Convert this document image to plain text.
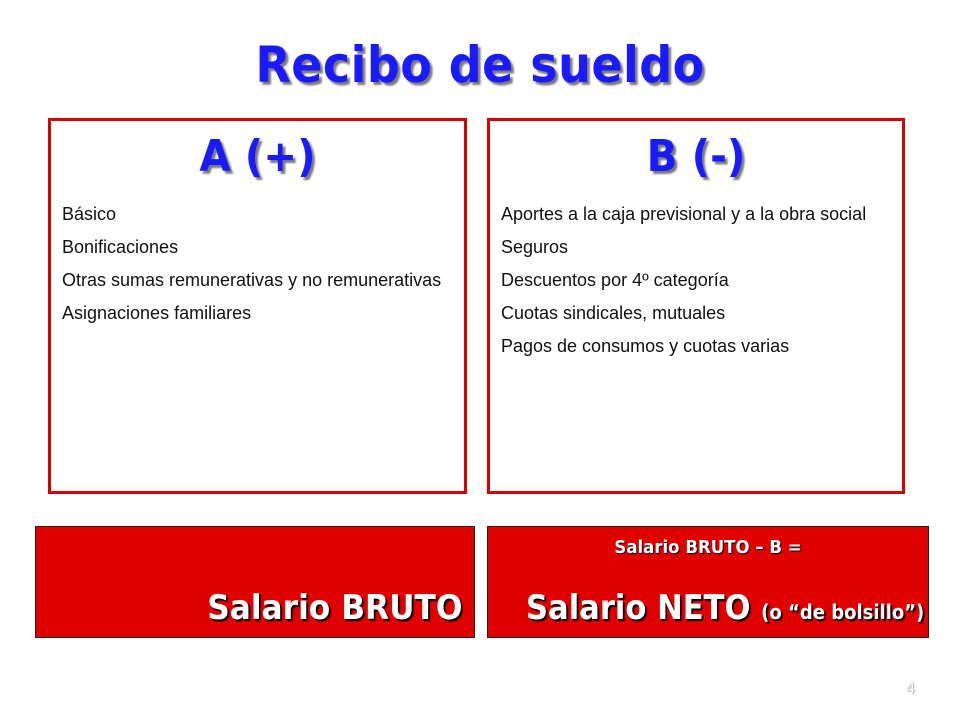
Recibo de sueldo
A (+)
Básico
Bonificaciones
Otras sumas remunerativas y no remunerativas
Asignaciones familiares
B (-)
Aportes a la caja previsional y a la obra social
Seguros
Descuentos por 4º categoría
Cuotas sindicales, mutuales
Pagos de consumos y cuotas varias
Salario BRUTO
Salario BRUTO – B =
Salario NETO (o “de bolsillo”)
4
